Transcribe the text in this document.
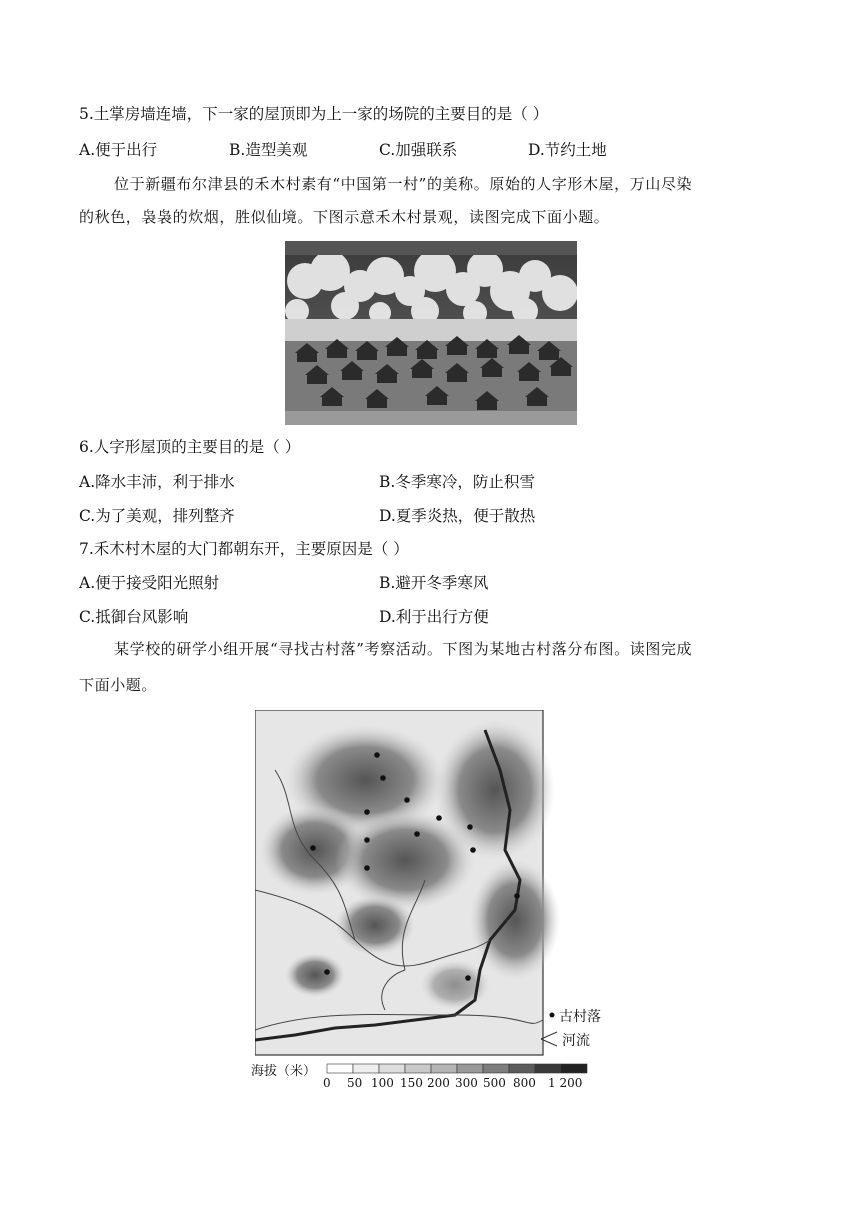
5.土掌房墙连墙，下一家的屋顶即为上一家的场院的主要目的是（ ）
A.便于出行	B.造型美观	C.加强联系	D.节约土地
位于新疆布尔津县的禾木村素有“中国第一村”的美称。原始的人字形木屋，万山尽染
的秋色，袅袅的炊烟，胜似仙境。下图示意禾木村景观，读图完成下面小题。
6.人字形屋顶的主要目的是（ ）
A.降水丰沛，利于排水	B.冬季寒冷，防止积雪
C.为了美观，排列整齐	D.夏季炎热，便于散热
7.禾木村木屋的大门都朝东开，主要原因是（ ）
A.便于接受阳光照射	B.避开冬季寒风
C.抵御台风影响	D.利于出行方便
某学校的研学小组开展“寻找古村落”考察活动。下图为某地古村落分布图。读图完成
下面小题。
古村落
河流
海拔（米）
0 50 100 150 200 300 500 800 1 200
